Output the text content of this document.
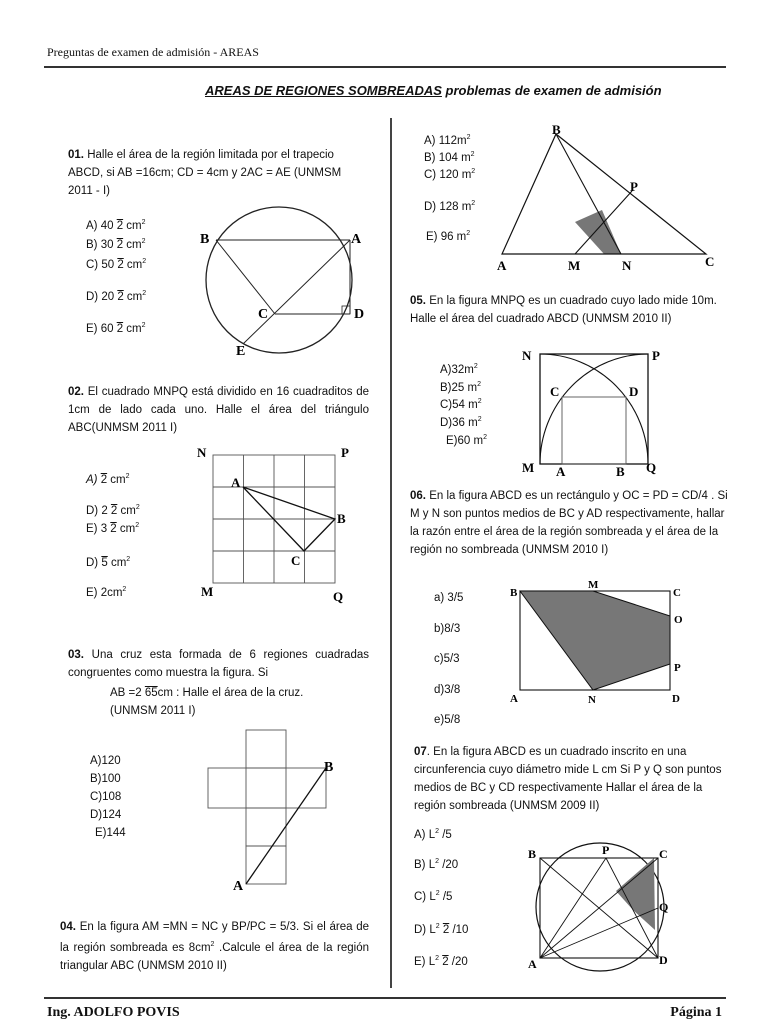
Preguntas de examen de admisión - AREAS
AREAS DE REGIONES SOMBREADAS problemas de examen de admisión
01. Halle el área de la región limitada por el trapecio ABCD, si AB =16cm; CD = 4cm y 2AC = AE (UNMSM 2011 - I)
A) 40 2 $cm^2$
B) 30 2 $cm^2$
C) 50 2 $cm^2$
D) 20 2 $cm^2$
E) 60 2 $cm^2$
B	A
C	D
E
02. El cuadrado MNPQ está dividido en 16 cuadraditos de 1cm de lado cada uno. Halle el área del triángulo ABC(UNMSM 2011 I)
A) 2 $cm^2$
D) 2 2 $cm^2$
E) 3 2 $cm^2$
D) 5 $cm^2$
E) $2cm^2$
N	P
M	Q
A
B
C
03. Una cruz esta formada de 6 regiones cuadradas congruentes como muestra la figura. Si
AB =2 65cm : Halle el área de la cruz.
(UNMSM 2011 I)
A)120
B)100
C)108
D)124
E)144
B
A
04. En la figura AM =MN = NC y BP/PC = 5/3. Si el área de la región sombreada es $8cm^2$ .Calcule el área de la región triangular ABC (UNMSM 2010 II)
A) $112m^2$
B) 104 $m^2$
C) 120 $m^2$
D) 128 $m^2$
E) 96 $m^2$
B
P
A	M	N	C
05. En la figura MNPQ es un cuadrado cuyo lado mide 10m. Halle el área del cuadrado ABCD (UNMSM 2010 II)
$A)32m^2$
B)25 $m^2$
C)54 $m^2$
D)36 $m^2$
E)60 $m^2$
N	P
C	D
M A	B Q
06. En la figura ABCD es un rectángulo y OC = PD = CD/4 . Si M y N son puntos medios de BC y AD respectivamente, hallar la razón entre el área de la región sombreada y el área de la región no sombreada (UNMSM 2010 I)
a) 3/5
b)8/3
c)5/3
d)3/8
e)5/8
B
M
C
O
P
A	N	D
07. En la figura ABCD es un cuadrado inscrito en una circunferencia cuyo diámetro mide L cm Si P y Q son puntos medios de BC y CD respectivamente Hallar el área de la región sombreada (UNMSM 2009 II)
A) $L^2$ /5
B) $L^2$ /20
C) $L^2$ /5
D) $L^2$ 2 /10
E) $L^2$ 2 /20
B	P	C
Q
A	D
Ing. ADOLFO POVIS	Página 1
